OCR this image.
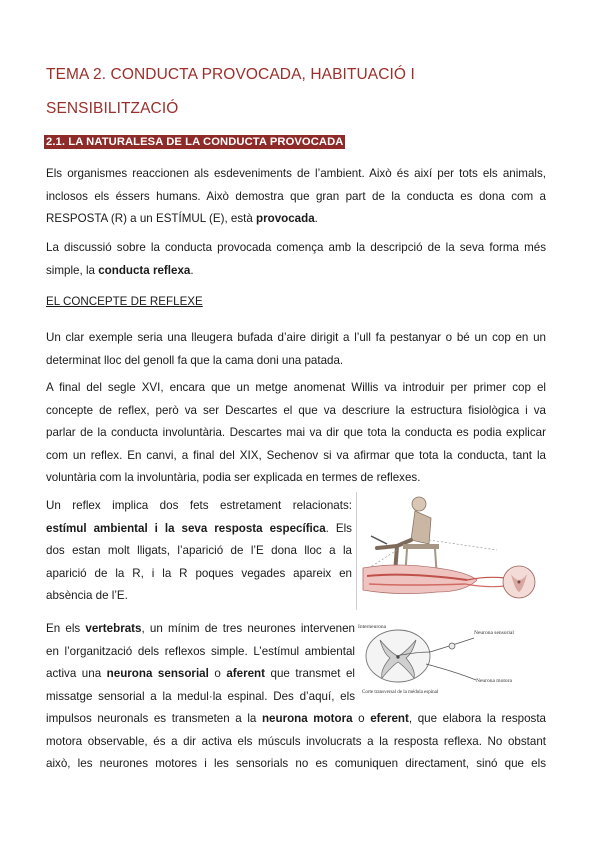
TEMA 2. CONDUCTA PROVOCADA, HABITUACIÓ I
SENSIBILITZACIÓ
2.1. LA NATURALESA DE LA CONDUCTA PROVOCADA

Els organismes reaccionen als esdeveniments de l’ambient. Això és així per tots els animals,
inclosos els éssers humans. Això demostra que gran part de la conducta es dona com a
RESPOSTA (R) a un ESTÍMUL (E), està provocada.

La discussió sobre la conducta provocada comença amb la descripció de la seva forma més
simple, la conducta reflexa.

EL CONCEPTE DE REFLEXE

Un clar exemple seria una lleugera bufada d’aire dirigit a l’ull fa pestanyar o bé un cop en un
determinat lloc del genoll fa que la cama doni una patada.

A final del segle XVI, encara que un metge anomenat Willis va introduir per primer cop el
concepte de reflex, però va ser Descartes el que va descriure la estructura fisiològica i va
parlar de la conducta involuntària. Descartes mai va dir que tota la conducta es podia explicar
com un reflex. En canvi, a final del XIX, Sechenov si va afirmar que tota la conducta, tant la
voluntària com la involuntària, podia ser explicada en termes de reflexes.

Un reflex implica dos fets estretament relacionats:
estímul ambiental i la seva resposta específica. Els
dos estan molt lligats, l’aparició de l’E dona lloc a la
aparició de la R, i la R poques vegades apareix en
absència de l’E.

Neurona sensorial
Interneurona
Neurona motora
Corte transversal de la médula espinal

En els vertebrats, un mínim de tres neurones intervenen
en l’organització dels reflexos simple. L’estímul ambiental
activa una neurona sensorial o aferent que transmet el
missatge sensorial a la medul·la espinal. Des d’aquí, els
impulsos neuronals es transmeten a la neurona motora o eferent, que elabora la resposta
motora observable, és a dir activa els músculs involucrats a la resposta reflexa. No obstant
això, les neurones motores i les sensorials no es comuniquen directament, sinó que els
